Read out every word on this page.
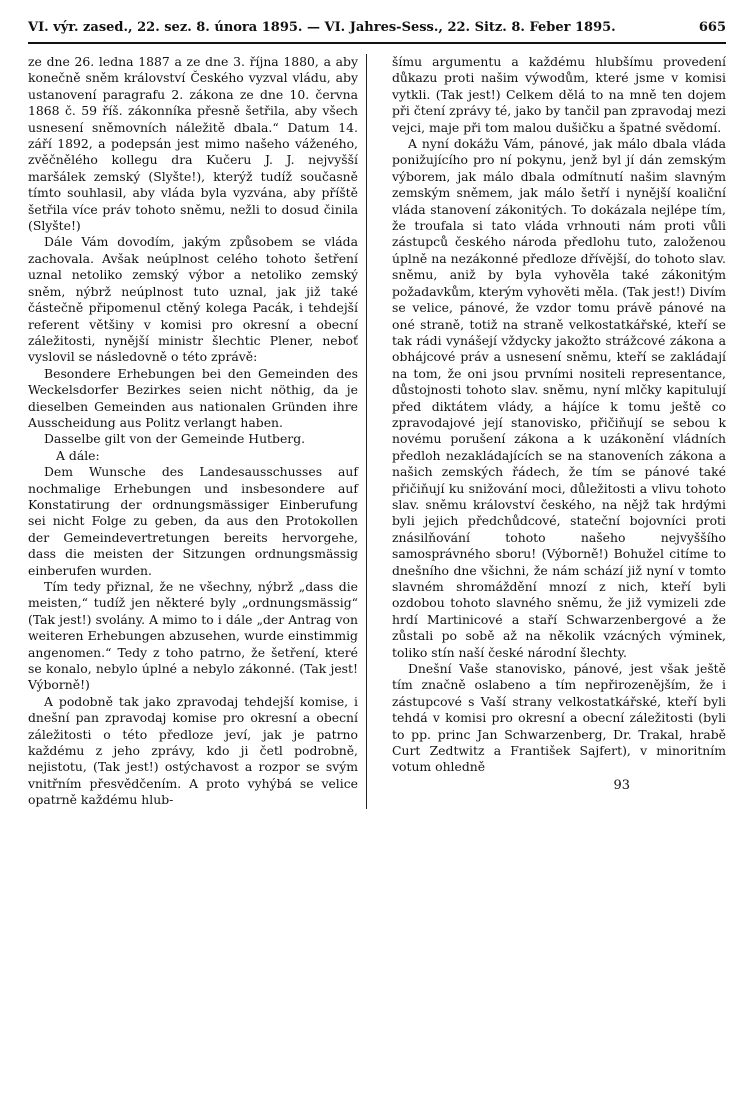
VI. výr. zased., 22. sez. 8. února 1895. — VI. Jahres-Sess., 22. Sitz. 8. Feber 1895.	665

ze dne 26. ledna 1887 a ze dne 3. října 1880, a aby konečně sněm království Českého vyzval vládu, aby ustanovení paragrafu 2. zákona ze dne 10. června 1868 č. 59 říš. zákonníka přesně šetřila, aby všech usnesení sněmovních náležitě dbala.“ Datum 14. září 1892, a podepsán jest mimo našeho váženého, zvěčnělého kollegu dra Kučeru J. J. nejvyšší maršálek zemský (Slyšte!), kterýž tudíž současně tímto souhlasil, aby vláda byla vyzvána, aby příště šetřila více práv tohoto sněmu, nežli to dosud činila (Slyšte!)

Dále Vám dovodím, jakým způsobem se vláda zachovala. Avšak neúplnost celého tohoto šetření uznal netoliko zemský výbor a netoliko zemský sněm, nýbrž neúplnost tuto uznal, jak již také částečně připomenul ctěný kolega Pacák, i tehdejší referent většiny v komisi pro okresní a obecní záležitosti, nynější ministr šlechtic Plener, neboť vyslovil se následovně o této zprávě:

Besondere Erhebungen bei den Gemeinden des Weckelsdorfer Bezirkes seien nicht nöthig, da je dieselben Gemeinden aus nationalen Gründen ihre Ausscheidung aus Politz verlangt haben.

Dasselbe gilt von der Gemeinde Hutberg.

A dále:

Dem Wunsche des Landesausschusses auf nochmalige Erhebungen und insbesondere auf Konstatirung der ordnungsmässiger Einberufung sei nicht Folge zu geben, da aus den Protokollen der Gemeindevertretungen bereits hervorgehe, dass die meisten der Sitzungen ordnungsmässig einberufen wurden.

Tím tedy přiznal, že ne všechny, nýbrž „dass die meisten,“ tudíž jen některé byly „ordnungsmässig“ (Tak jest!) svolány. A mimo to i dále „der Antrag von weiteren Erhebungen abzusehen, wurde einstimmig angenomen.“ Tedy z toho patrno, že šetření, které se konalo, nebylo úplné a nebylo zákonné. (Tak jest! Výborně!)

A podobně tak jako zpravodaj tehdejší komise, i dnešní pan zpravodaj komise pro okresní a obecní záležitosti o této předloze jeví, jak je patrno každému z jeho zprávy, kdo ji četl podrobně, nejistotu, (Tak jest!) ostýchavost a rozpor se svým vnitřním přesvědčením. A proto vyhýbá se velice opatrně každému hlub-

šímu argumentu a každému hlubšímu provedení důkazu proti našim výwodům, které jsme v komisi vytkli. (Tak jest!) Celkem dělá to na mně ten dojem při čtení zprávy té, jako by tančil pan zpravodaj mezi vejci, maje při tom malou dušičku a špatné svědomí.

A nyní dokážu Vám, pánové, jak málo dbala vláda ponižujícího pro ní pokynu, jenž byl jí dán zemským výborem, jak málo dbala odmítnutí našim slavným zemským sněmem, jak málo šetří i nynější koaliční vláda stanovení zákonitých. To dokázala nejlépe tím, že troufala si tato vláda vrhnouti nám proti vůli zástupců českého národa předlohu tuto, založenou úplně na nezákonné předloze dřívější, do tohoto slav. sněmu, aniž by byla vyhověla také zákonitým požadavkům, kterým vyhověti měla. (Tak jest!) Divím se velice, pánové, že vzdor tomu právě pánové na oné straně, totiž na straně velkostatkářské, kteří se tak rádi vynášejí vždycky jakožto strážcové zákona a obhájcové práv a usnesení sněmu, kteří se zakládají na tom, že oni jsou prvními nositeli representance, důstojnosti tohoto slav. sněmu, nyní mlčky kapitulují před diktátem vlády, a hájíce k tomu ještě co zpravodajové její stanovisko, přičiňují se sebou k novému porušení zákona a k uzákonění vládních předloh nezakládajících se na stanoveních zákona a našich zemských řádech, že tím se pánové také přičiňují ku snižování moci, důležitosti a vlivu tohoto slav. sněmu království českého, na nějž tak hrdými byli jejich předchůdcové, stateční bojovníci proti znásilňování tohoto našeho nejvyššího samosprávného sboru! (Výborně!) Bohužel citíme to dnešního dne všichni, že nám schází již nyní v tomto slavném shromáždění mnozí z nich, kteří byli ozdobou tohoto slavného sněmu, že již vymizeli zde hrdí Martinicové a staří Schwarzenbergové a že zůstali po sobě až na několik vzácných výminek, toliko stín naší české národní šlechty.

Dnešní Vaše stanovisko, pánové, jest však ještě tím značně oslabeno a tím nepřirozenějším, že i zástupcové s Vaší strany velkostatkářské, kteří byli tehdá v komisi pro okresní a obecní záležitosti (byli to pp. princ Jan Schwarzenberg, Dr. Trakal, hrabě Curt Zedtwitz a František Sajfert), v minoritním votum ohledně

93
